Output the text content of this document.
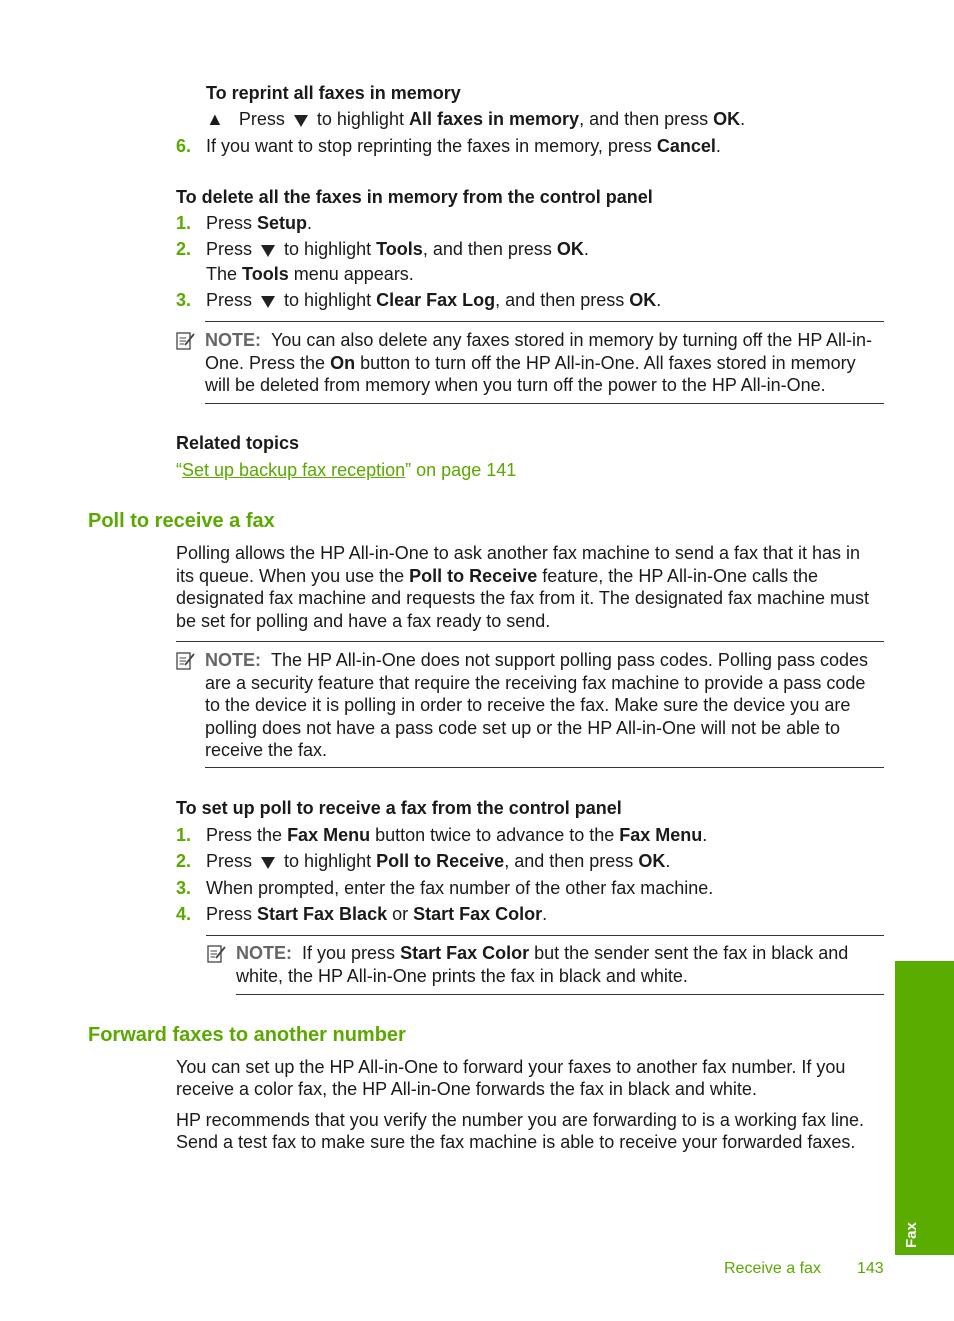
To reprint all faxes in memory
▲ Press to highlight All faxes in memory, and then press OK.
6. If you want to stop reprinting the faxes in memory, press Cancel.
To delete all the faxes in memory from the control panel
1. Press Setup.
2. Press to highlight Tools, and then press OK.
The Tools menu appears.
3. Press to highlight Clear Fax Log, and then press OK.
NOTE: You can also delete any faxes stored in memory by turning off the HP All-in-
One. Press the On button to turn off the HP All-in-One. All faxes stored in memory
will be deleted from memory when you turn off the power to the HP All-in-One.
Related topics
“Set up backup fax reception” on page 141
Poll to receive a fax
Polling allows the HP All-in-One to ask another fax machine to send a fax that it has in
its queue. When you use the Poll to Receive feature, the HP All-in-One calls the
designated fax machine and requests the fax from it. The designated fax machine must
be set for polling and have a fax ready to send.
NOTE: The HP All-in-One does not support polling pass codes. Polling pass codes
are a security feature that require the receiving fax machine to provide a pass code
to the device it is polling in order to receive the fax. Make sure the device you are
polling does not have a pass code set up or the HP All-in-One will not be able to
receive the fax.
To set up poll to receive a fax from the control panel
1. Press the Fax Menu button twice to advance to the Fax Menu.
2. Press to highlight Poll to Receive, and then press OK.
3. When prompted, enter the fax number of the other fax machine.
4. Press Start Fax Black or Start Fax Color.
NOTE: If you press Start Fax Color but the sender sent the fax in black and
white, the HP All-in-One prints the fax in black and white.
Forward faxes to another number
You can set up the HP All-in-One to forward your faxes to another fax number. If you
receive a color fax, the HP All-in-One forwards the fax in black and white.
HP recommends that you verify the number you are forwarding to is a working fax line.
Send a test fax to make sure the fax machine is able to receive your forwarded faxes.
Fax
Receive a fax 143
